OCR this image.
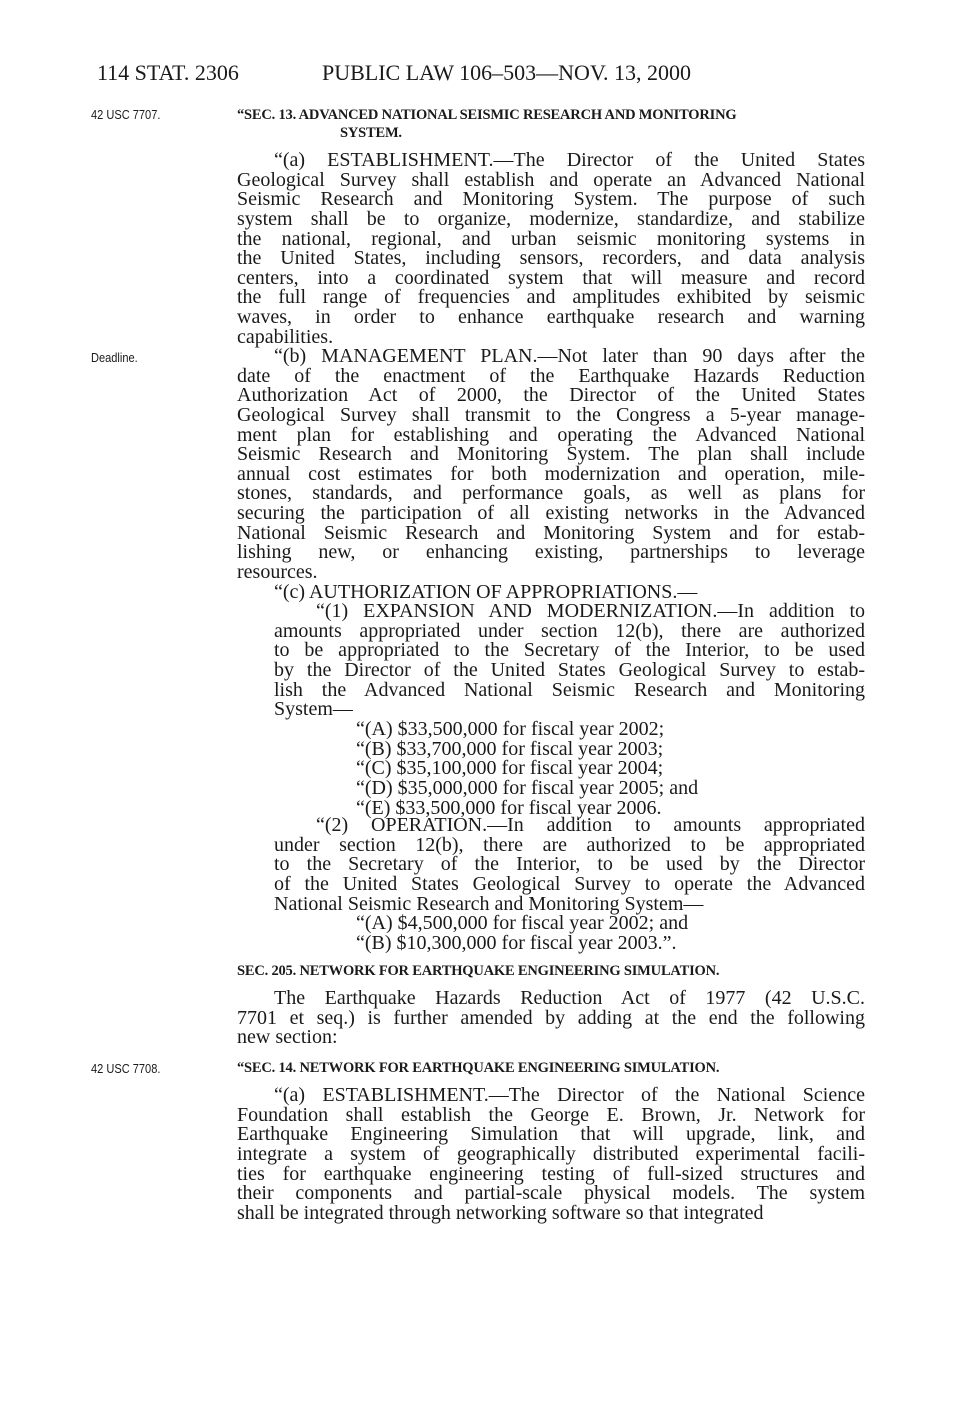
114 STAT. 2306	PUBLIC LAW 106–503—NOV. 13, 2000
42 USC 7707.
Deadline.
42 USC 7708.
“SEC. 13. ADVANCED NATIONAL SEISMIC RESEARCH AND MONITORING
SYSTEM.
“(a) ESTABLISHMENT.—The Director of the United States
Geological Survey shall establish and operate an Advanced National
Seismic Research and Monitoring System. The purpose of such
system shall be to organize, modernize, standardize, and stabilize
the national, regional, and urban seismic monitoring systems in
the United States, including sensors, recorders, and data analysis
centers, into a coordinated system that will measure and record
the full range of frequencies and amplitudes exhibited by seismic
waves, in order to enhance earthquake research and warning
capabilities.
“(b) MANAGEMENT PLAN.—Not later than 90 days after the
date of the enactment of the Earthquake Hazards Reduction
Authorization Act of 2000, the Director of the United States
Geological Survey shall transmit to the Congress a 5-year manage-
ment plan for establishing and operating the Advanced National
Seismic Research and Monitoring System. The plan shall include
annual cost estimates for both modernization and operation, mile-
stones, standards, and performance goals, as well as plans for
securing the participation of all existing networks in the Advanced
National Seismic Research and Monitoring System and for estab-
lishing new, or enhancing existing, partnerships to leverage
resources.
“(c) AUTHORIZATION OF APPROPRIATIONS.—
“(1) EXPANSION AND MODERNIZATION.—In addition to
amounts appropriated under section 12(b), there are authorized
to be appropriated to the Secretary of the Interior, to be used
by the Director of the United States Geological Survey to estab-
lish the Advanced National Seismic Research and Monitoring
System—
“(A) $33,500,000 for fiscal year 2002;
“(B) $33,700,000 for fiscal year 2003;
“(C) $35,100,000 for fiscal year 2004;
“(D) $35,000,000 for fiscal year 2005; and
“(E) $33,500,000 for fiscal year 2006.
“(2) OPERATION.—In addition to amounts appropriated
under section 12(b), there are authorized to be appropriated
to the Secretary of the Interior, to be used by the Director
of the United States Geological Survey to operate the Advanced
National Seismic Research and Monitoring System—
“(A) $4,500,000 for fiscal year 2002; and
“(B) $10,300,000 for fiscal year 2003.”.
SEC. 205. NETWORK FOR EARTHQUAKE ENGINEERING SIMULATION.
The Earthquake Hazards Reduction Act of 1977 (42 U.S.C.
7701 et seq.) is further amended by adding at the end the following
new section:
“SEC. 14. NETWORK FOR EARTHQUAKE ENGINEERING SIMULATION.
“(a) ESTABLISHMENT.—The Director of the National Science
Foundation shall establish the George E. Brown, Jr. Network for
Earthquake Engineering Simulation that will upgrade, link, and
integrate a system of geographically distributed experimental facili-
ties for earthquake engineering testing of full-sized structures and
their components and partial-scale physical models. The system
shall be integrated through networking software so that integrated
